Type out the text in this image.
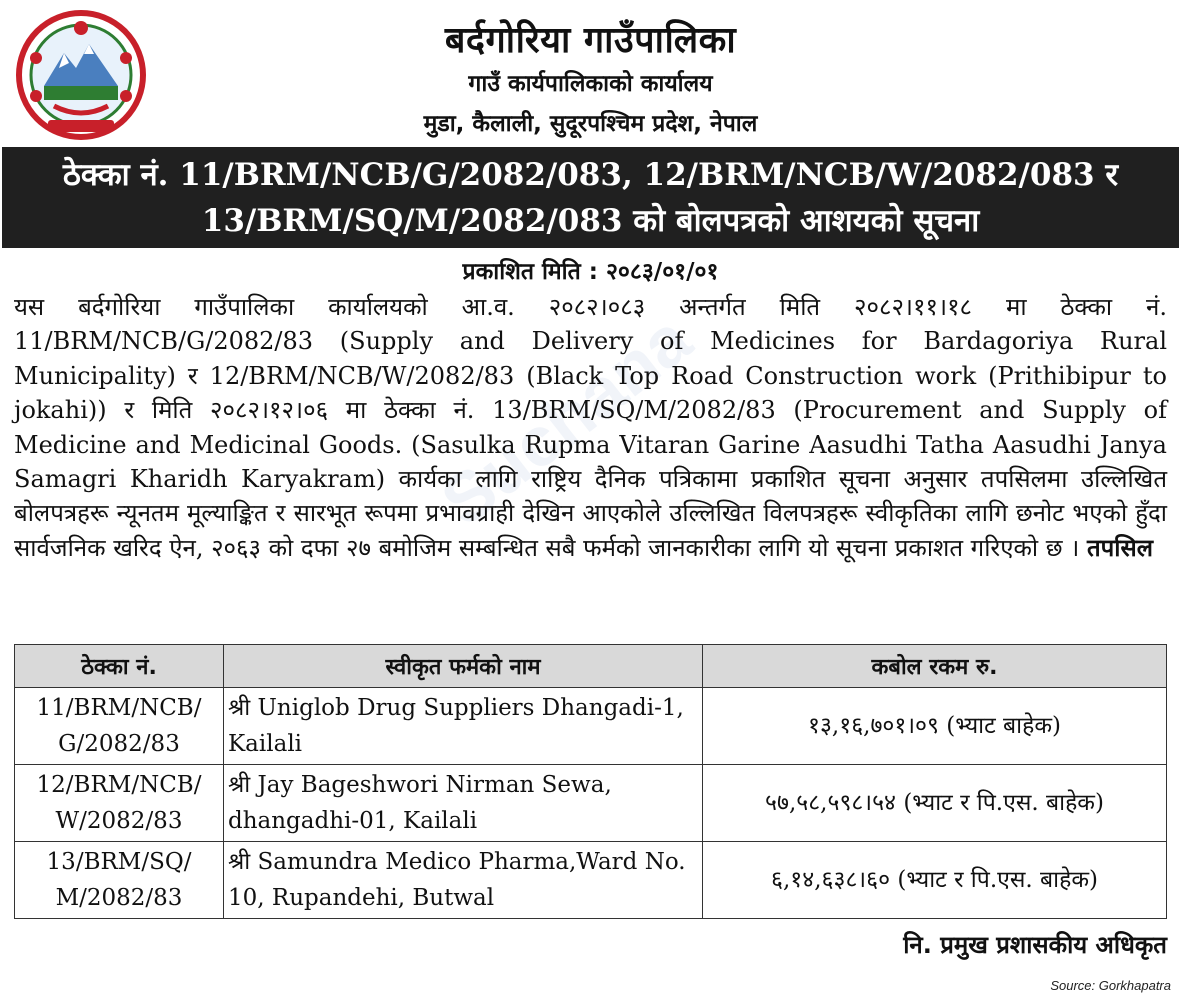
बर्दगोरिया गाउँपालिका
गाउँ कार्यपालिकाको कार्यालय
मुडा, कैलाली, सुदूरपश्चिम प्रदेश, नेपाल
ठेक्का नं. 11/BRM/NCB/G/2082/083, 12/BRM/NCB/W/2082/083 र
13/BRM/SQ/M/2082/083 को बोलपत्रको आशयको सूचना
Suchana
प्रकाशित मिति : २०८३/०१/०१
यस बर्दगोरिया गाउँपालिका कार्यालयको आ.व. २०८२।०८३ अन्तर्गत मिति २०८२।११।१८ मा ठेक्का नं. 11/BRM/NCB/G/2082/83 (Supply and Delivery of Medicines for Bardagoriya Rural Municipality) र 12/BRM/NCB/W/2082/83 (Black Top Road Construction work (Prithibipur to jokahi)) र मिति २०८२।१२।०६ मा ठेक्का नं. 13/BRM/SQ/M/2082/83 (Procurement and Supply of Medicine and Medicinal Goods. (Sasulka Rupma Vitaran Garine Aasudhi Tatha Aasudhi Janya Samagri Kharidh Karyakram) कार्यका लागि राष्ट्रिय दैनिक पत्रिकामा प्रकाशित सूचना अनुसार तपसिलमा उल्लिखित बोलपत्रहरू न्यूनतम मूल्याङ्कित र सारभूत रूपमा प्रभावग्राही देखिन आएकोले उल्लिखित विलपत्रहरू स्वीकृतिका लागि छनोट भएको हुँदा सार्वजनिक खरिद ऐन, २०६३ को दफा २७ बमोजिम सम्बन्धित सबै फर्मको जानकारीका लागि यो सूचना प्रकाशत गरिएको छ । तपसिल
ठेक्का नं.	स्वीकृत फर्मको नाम	कबोल रकम रु.
11/BRM/NCB/ G/2082/83	श्री Uniglob Drug Suppliers Dhangadi-1, Kailali	१३,१६,७०१।०९ (भ्याट बाहेक)
12/BRM/NCB/ W/2082/83	श्री Jay Bageshwori Nirman Sewa, dhangadhi-01, Kailali	५७,५८,५९८।५४ (भ्याट र पि.एस. बाहेक)
13/BRM/SQ/ M/2082/83	श्री Samundra Medico Pharma,Ward No. 10, Rupandehi, Butwal	६,१४,६३८।६० (भ्याट र पि.एस. बाहेक)
नि. प्रमुख प्रशासकीय अधिकृत
Source: Gorkhapatra
